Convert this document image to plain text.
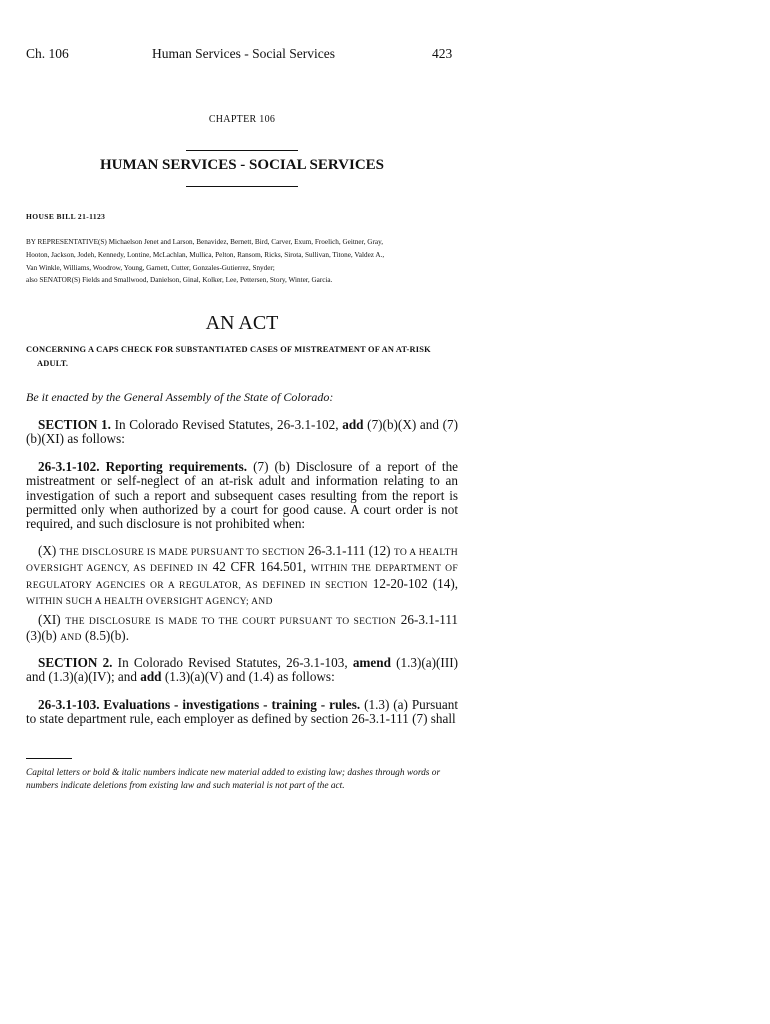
Ch. 106	Human Services - Social Services	423
CHAPTER 106
HUMAN SERVICES - SOCIAL SERVICES
HOUSE BILL 21-1123
BY REPRESENTATIVE(S) Michaelson Jenet and Larson, Benavidez, Bernett, Bird, Carver, Exum, Froelich, Geitner, Gray,
Hooton, Jackson, Jodeh, Kennedy, Lontine, McLachlan, Mullica, Pelton, Ransom, Ricks, Sirota, Sullivan, Titone, Valdez A.,
Van Winkle, Williams, Woodrow, Young, Garnett, Cutter, Gonzales-Gutierrez, Snyder;
also SENATOR(S) Fields and Smallwood, Danielson, Ginal, Kolker, Lee, Pettersen, Story, Winter, Garcia.
AN ACT
CONCERNING A CAPS CHECK FOR SUBSTANTIATED CASES OF MISTREATMENT OF AN AT-RISK
ADULT.
Be it enacted by the General Assembly of the State of Colorado:
SECTION 1. In Colorado Revised Statutes, 26-3.1-102, add (7)(b)(X) and (7)(b)(XI) as follows:
26-3.1-102. Reporting requirements. (7) (b) Disclosure of a report of the mistreatment or self-neglect of an at-risk adult and information relating to an investigation of such a report and subsequent cases resulting from the report is permitted only when authorized by a court for good cause. A court order is not required, and such disclosure is not prohibited when:
(X) THE DISCLOSURE IS MADE PURSUANT TO SECTION 26-3.1-111 (12) TO A HEALTH OVERSIGHT AGENCY, AS DEFINED IN 42 CFR 164.501, WITHIN THE DEPARTMENT OF REGULATORY AGENCIES OR A REGULATOR, AS DEFINED IN SECTION 12-20-102 (14), WITHIN SUCH A HEALTH OVERSIGHT AGENCY; AND
(XI) THE DISCLOSURE IS MADE TO THE COURT PURSUANT TO SECTION 26-3.1-111 (3)(b) AND (8.5)(b).
SECTION 2. In Colorado Revised Statutes, 26-3.1-103, amend (1.3)(a)(III) and (1.3)(a)(IV); and add (1.3)(a)(V) and (1.4) as follows:
26-3.1-103. Evaluations - investigations - training - rules. (1.3) (a) Pursuant to state department rule, each employer as defined by section 26-3.1-111 (7) shall
Capital letters or bold & italic numbers indicate new material added to existing law; dashes through words or numbers indicate deletions from existing law and such material is not part of the act.
